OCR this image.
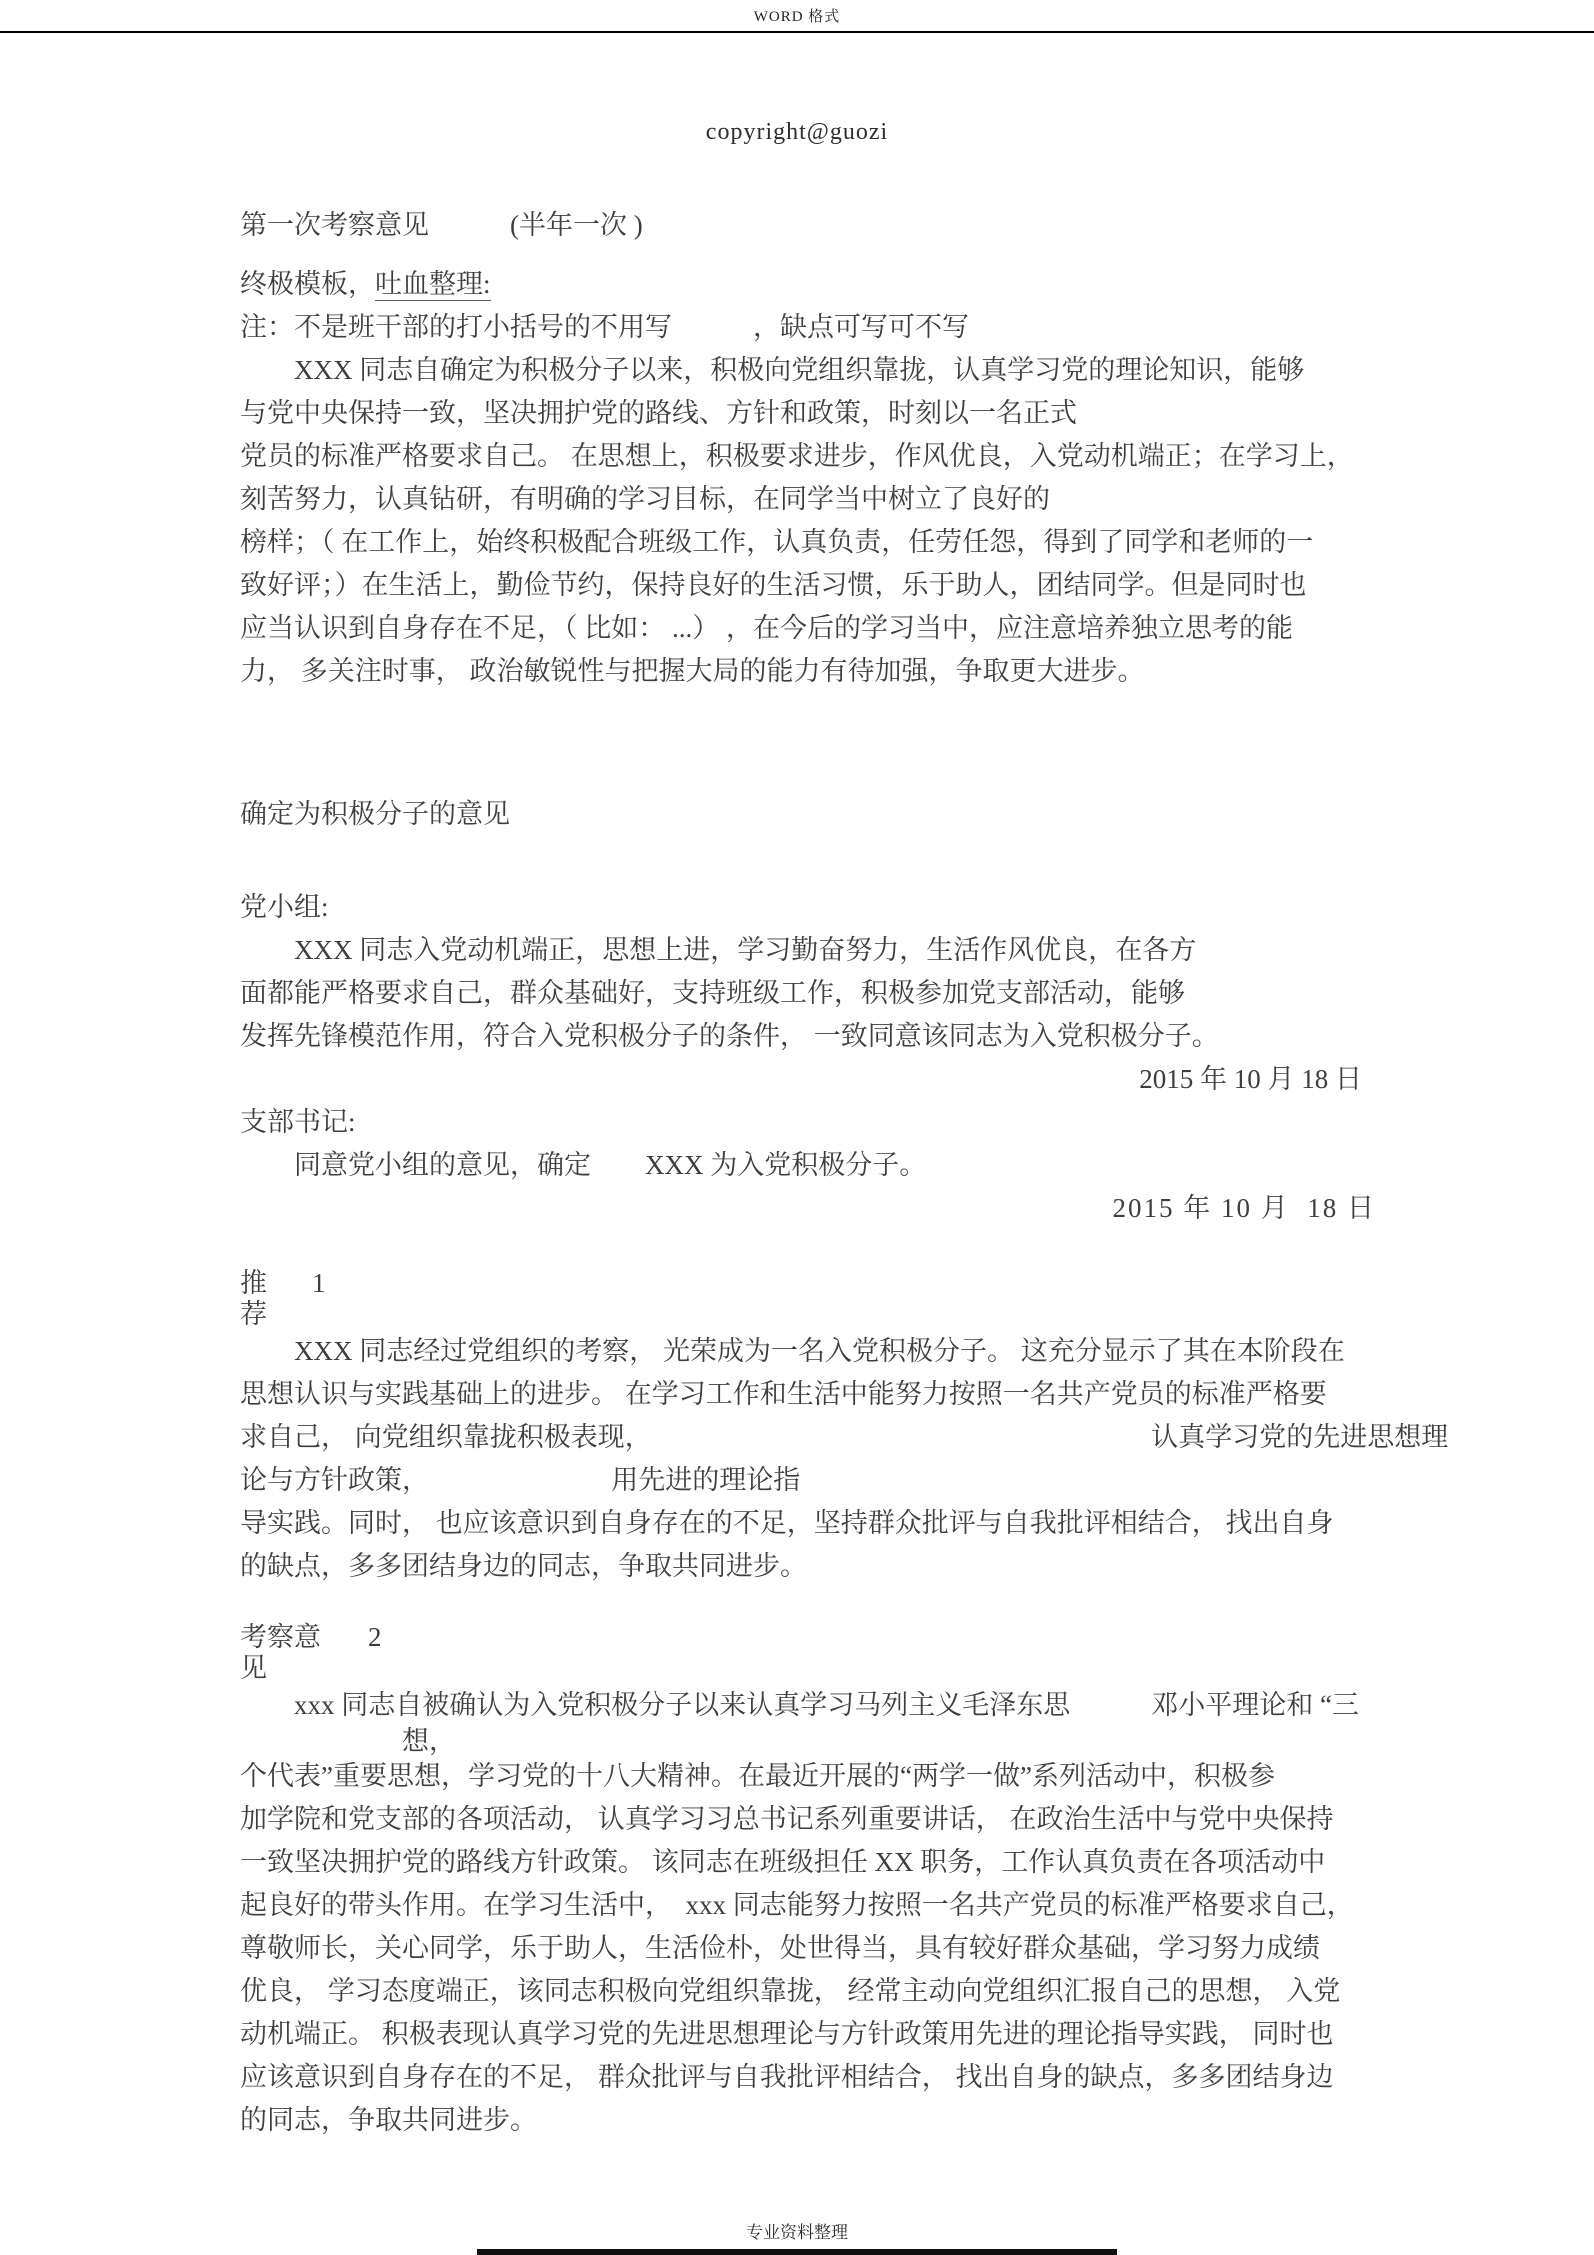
WORD 格式
copyright@guozi
第一次考察意见　　　(半年一次 )
终极模板，吐血整理:
注：不是班干部的打小括号的不用写　　　，缺点可写可不写
　　XXX 同志自确定为积极分子以来，积极向党组织靠拢，认真学习党的理论知识，能够
与党中央保持一致，坚决拥护党的路线、方针和政策，时刻以一名正式
党员的标准严格要求自己。 在思想上，积极要求进步，作风优良，入党动机端正；在学习上，
刻苦努力，认真钻研，有明确的学习目标，在同学当中树立了良好的
榜样；（ 在工作上，始终积极配合班级工作，认真负责，任劳任怨，得到了同学和老师的一
致好评；）在生活上，勤俭节约，保持良好的生活习惯，乐于助人，团结同学。但是同时也
应当认识到自身存在不足，（ 比如： ...） ，在今后的学习当中，应注意培养独立思考的能
力， 多关注时事， 政治敏锐性与把握大局的能力有待加强，争取更大进步。
确定为积极分子的意见
党小组:
　　XXX 同志入党动机端正，思想上进，学习勤奋努力，生活作风优良，在各方
面都能严格要求自己，群众基础好，支持班级工作，积极参加党支部活动，能够
发挥先锋模范作用，符合入党积极分子的条件， 一致同意该同志为入党积极分子。
2015 年 10 月 18 日
支部书记:
　　同意党小组的意见，确定　　XXX 为入党积极分子。
2015 年 10 月  18 日
推荐
1
　　XXX 同志经过党组织的考察， 光荣成为一名入党积极分子。 这充分显示了其在本阶段在
思想认识与实践基础上的进步。 在学习工作和生活中能努力按照一名共产党员的标准严格要
求自己， 向党组织靠拢积极表现，　　　　　　　　　　　　　　　　　　　认真学习党的先进思想理
论与方针政策，　　　　　　　 用先进的理论指
导实践。同时， 也应该意识到自身存在的不足，坚持群众批评与自我批评相结合， 找出自身
的缺点，多多团结身边的同志，争取共同进步。
考察意见
2
　　xxx 同志自被确认为入党积极分子以来认真学习马列主义毛泽东思　　　邓小平理论和 “三
　　　　　　想，
个代表”重要思想，学习党的十八大精神。在最近开展的“两学一做”系列活动中，积极参
加学院和党支部的各项活动， 认真学习习总书记系列重要讲话， 在政治生活中与党中央保持
一致坚决拥护党的路线方针政策。 该同志在班级担任 XX 职务，工作认真负责在各项活动中
起良好的带头作用。在学习生活中，　xxx 同志能努力按照一名共产党员的标准严格要求自己，
尊敬师长，关心同学，乐于助人，生活俭朴，处世得当，具有较好群众基础，学习努力成绩
优良， 学习态度端正，该同志积极向党组织靠拢， 经常主动向党组织汇报自己的思想， 入党
动机端正。 积极表现认真学习党的先进思想理论与方针政策用先进的理论指导实践， 同时也
应该意识到自身存在的不足， 群众批评与自我批评相结合， 找出自身的缺点，多多团结身边
的同志，争取共同进步。
专业资料整理
